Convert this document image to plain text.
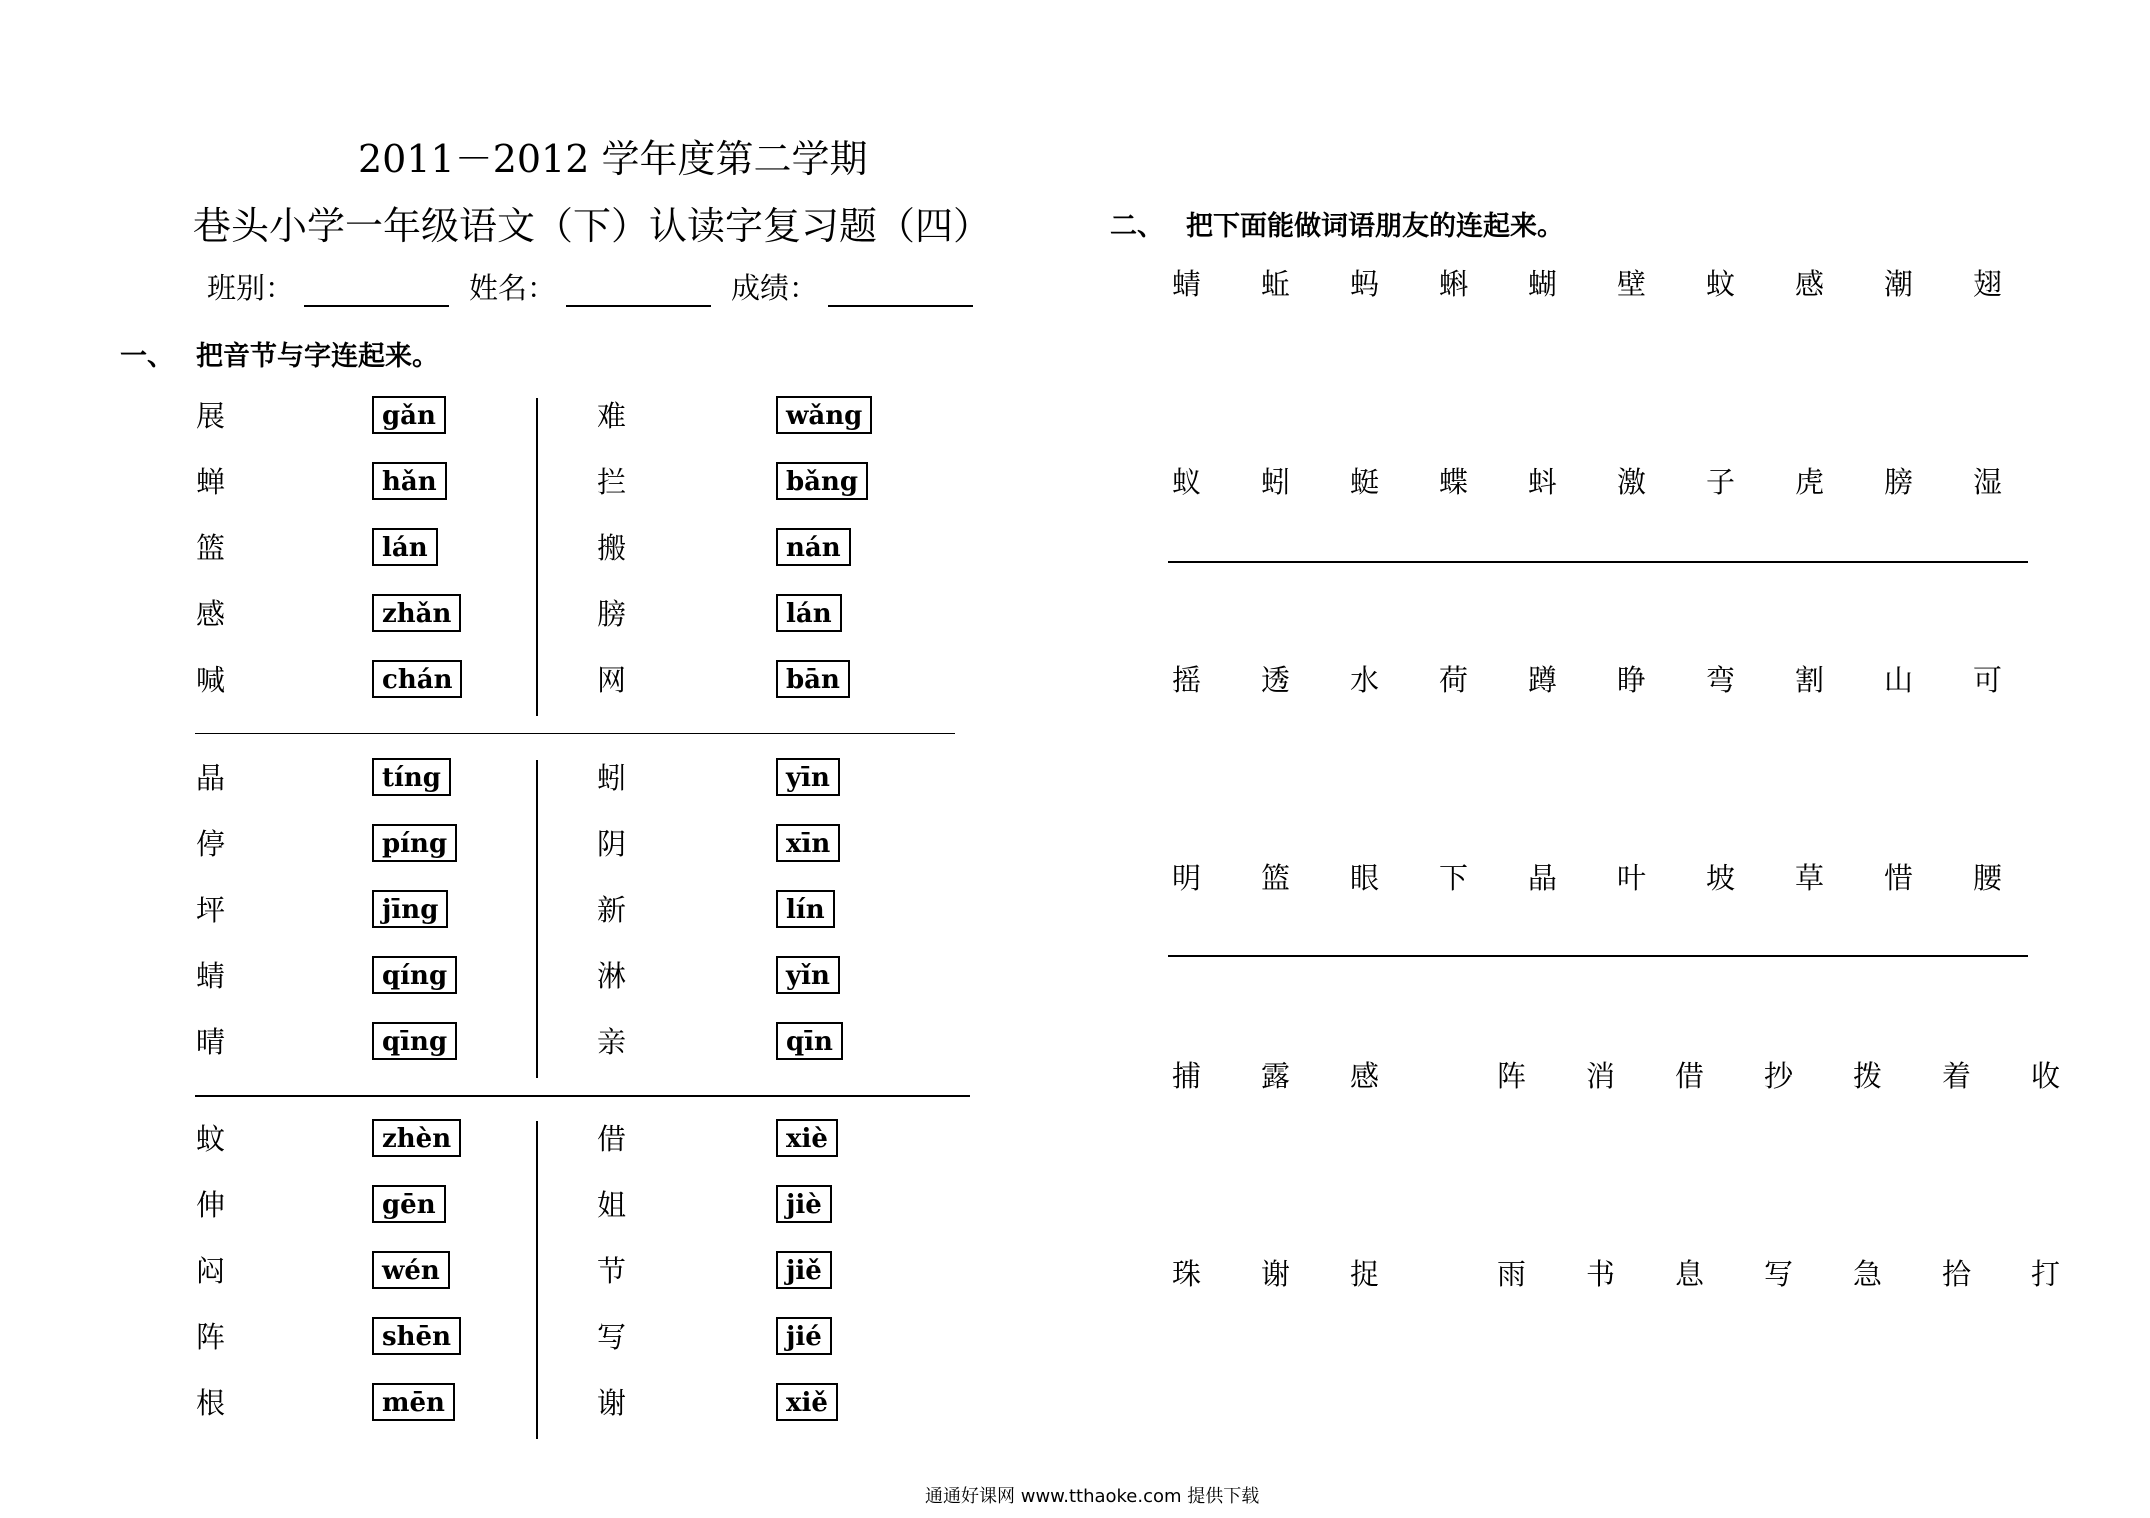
2011－2012 学年度第二学期
巷头小学一年级语文（下）认读字复习题（四）
班别：	姓名：	成绩：
一、 把音节与字连起来。
展	gǎn	难	wǎng
蝉	hǎn	拦	bǎng
篮	lán	搬	nán
感	zhǎn	膀	lán
喊	chán	网	bān
晶	tíng	蚓	yīn
停	píng	阴	xīn
坪	jīng	新	lín
蜻	qíng	淋	yǐn
晴	qīng	亲	qīn
蚊	zhèn	借	xiè
伸	gēn	姐	jiè
闷	wén	节	jiě
阵	shēn	写	jié
根	mēn	谢	xiě
二、 把下面能做词语朋友的连起来。
蜻 蚯 蚂 蝌 蝴 壁 蚊 感 潮 翅
蚁 蚓 蜓 蝶 蚪 激 子 虎 膀 湿
摇 透 水 荷 蹲 睁 弯 割 山 可
明 篮 眼 下 晶 叶 坡 草 惜 腰
捕 露 感	阵 消 借 抄 拨 着 收
珠 谢 捉	雨 书 息 写 急 拾 打
通通好课网 www.tthaoke.com 提供下载
